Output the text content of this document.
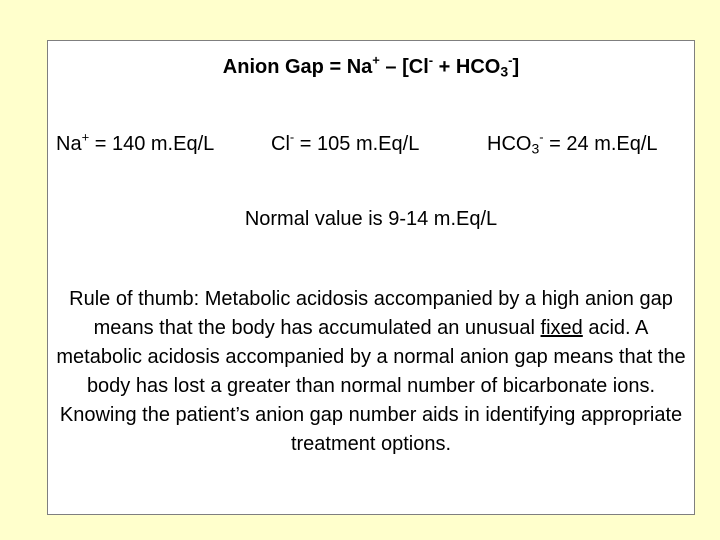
Anion Gap = $Na^+ - [Cl^- + HCO_3^-]$
Na+ = 140 m.Eq/L	Cl- = 105 m.Eq/L	$HCO_3^- = 24$ m.Eq/L
Normal value is 9-14 m.Eq/L
Rule of thumb: Metabolic acidosis accompanied by a high anion gap means that the body has accumulated an unusual fixed acid. A metabolic acidosis accompanied by a normal anion gap means that the body has lost a greater than normal number of bicarbonate ions. Knowing the patient’s anion gap number aids in identifying appropriate treatment options.
